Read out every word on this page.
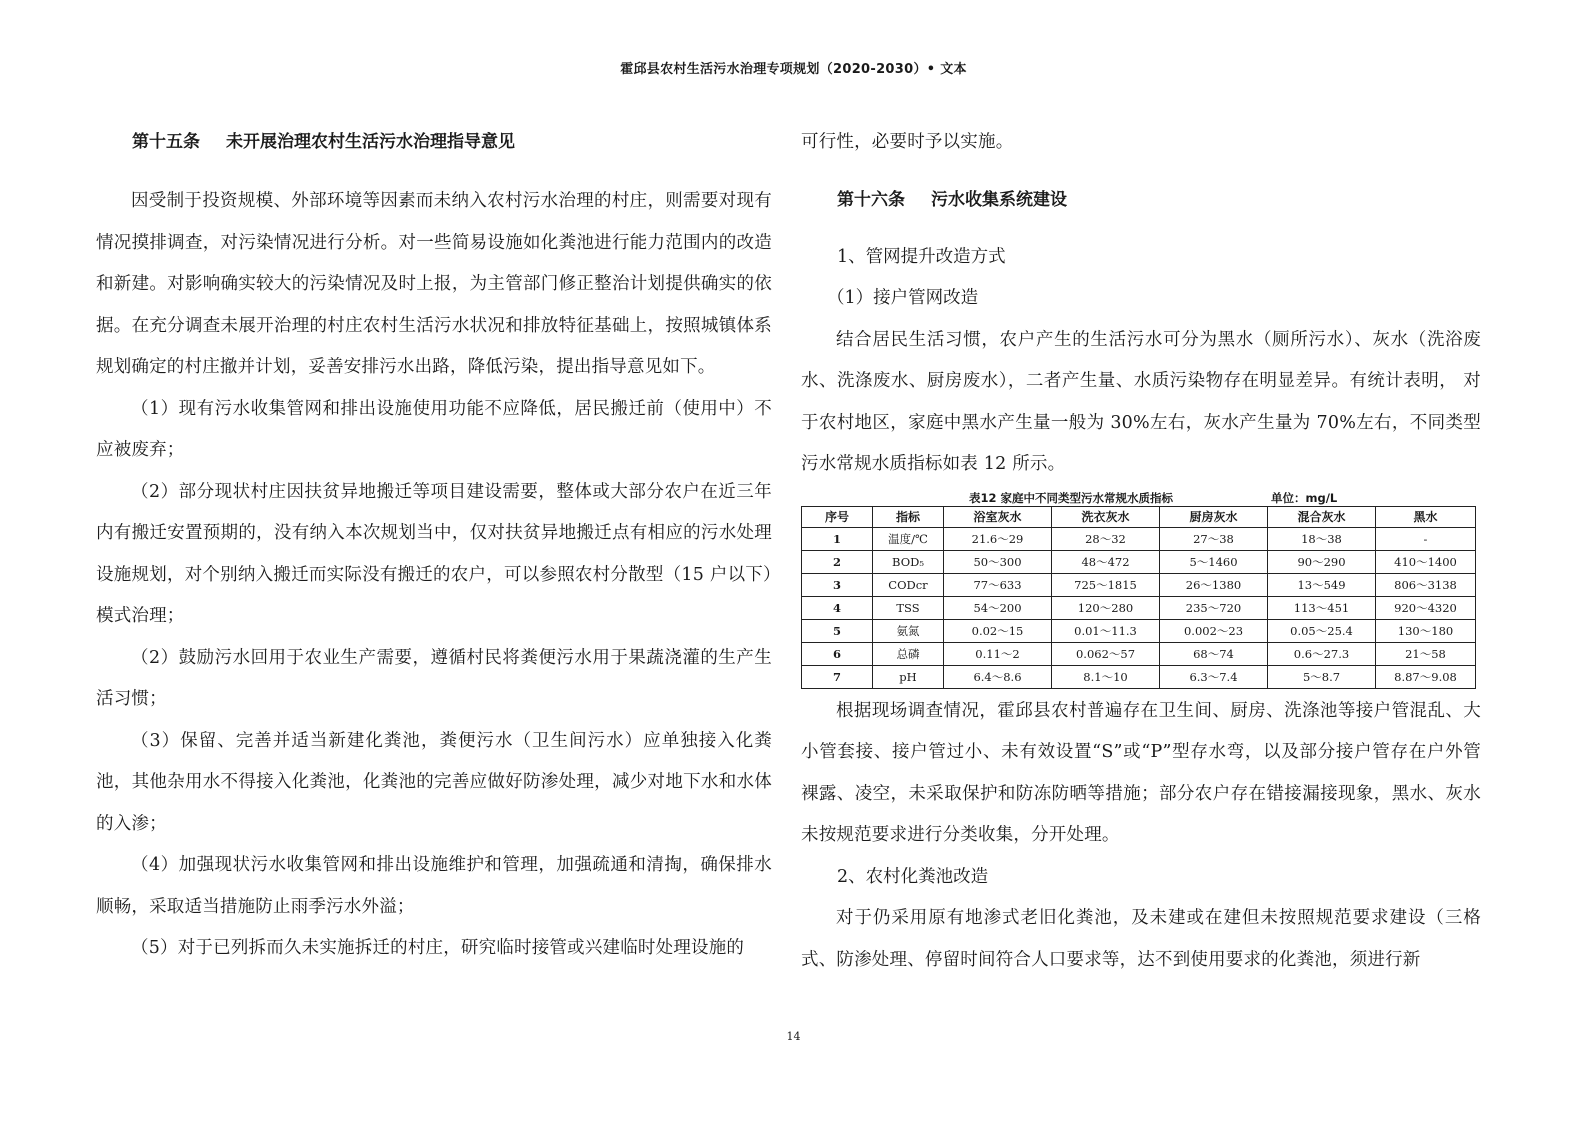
霍邱县农村生活污水治理专项规划（2020-2030）• 文本

第十五条 未开展治理农村生活污水治理指导意见

因受制于投资规模、外部环境等因素而未纳入农村污水治理的村庄，则需要对现有情况摸排调查，对污染情况进行分析。对一些简易设施如化粪池进行能力范围内的改造和新建。对影响确实较大的污染情况及时上报，为主管部门修正整治计划提供确实的依据。在充分调查未展开治理的村庄农村生活污水状况和排放特征基础上，按照城镇体系规划确定的村庄撤并计划，妥善安排污水出路，降低污染，提出指导意见如下。

（1）现有污水收集管网和排出设施使用功能不应降低，居民搬迁前（使用中）不应被废弃；

（2）部分现状村庄因扶贫异地搬迁等项目建设需要，整体或大部分农户在近三年内有搬迁安置预期的，没有纳入本次规划当中，仅对扶贫异地搬迁点有相应的污水处理设施规划，对个别纳入搬迁而实际没有搬迁的农户，可以参照农村分散型（15 户以下）模式治理；

（2）鼓励污水回用于农业生产需要，遵循村民将粪便污水用于果蔬浇灌的生产生活习惯；

（3）保留、完善并适当新建化粪池，粪便污水（卫生间污水）应单独接入化粪池，其他杂用水不得接入化粪池，化粪池的完善应做好防渗处理，减少对地下水和水体的入渗；

（4）加强现状污水收集管网和排出设施维护和管理，加强疏通和清掏，确保排水顺畅，采取适当措施防止雨季污水外溢；

（5）对于已列拆而久未实施拆迁的村庄，研究临时接管或兴建临时处理设施的

可行性，必要时予以实施。

第十六条 污水收集系统建设

1、管网提升改造方式

（1）接户管网改造

结合居民生活习惯，农户产生的生活污水可分为黑水（厕所污水）、灰水（洗浴废水、洗涤废水、厨房废水），二者产生量、水质污染物存在明显差异。有统计表明， 对于农村地区，家庭中黑水产生量一般为 30%左右，灰水产生量为 70%左右，不同类型污水常规水质指标如表 12 所示。

表12 家庭中不同类型污水常规水质指标	单位：mg/L
序号	指标	浴室灰水	洗衣灰水	厨房灰水	混合灰水	黑水
1	温度/℃	21.6～29	28～32	27～38	18～38	-
2	BOD₅	50～300	48～472	5～1460	90～290	410～1400
3	CODcr	77～633	725～1815	26～1380	13～549	806～3138
4	TSS	54～200	120～280	235～720	113～451	920～4320
5	氨氮	0.02～15	0.01～11.3	0.002～23	0.05～25.4	130～180
6	总磷	0.11～2	0.062～57	68～74	0.6～27.3	21～58
7	pH	6.4～8.6	8.1～10	6.3～7.4	5～8.7	8.87～9.08

根据现场调查情况，霍邱县农村普遍存在卫生间、厨房、洗涤池等接户管混乱、大小管套接、接户管过小、未有效设置“S”或“P”型存水弯，以及部分接户管存在户外管裸露、凌空，未采取保护和防冻防晒等措施；部分农户存在错接漏接现象，黑水、灰水未按规范要求进行分类收集，分开处理。

2、农村化粪池改造

对于仍采用原有地渗式老旧化粪池，及未建或在建但未按照规范要求建设（三格式、防渗处理、停留时间符合人口要求等，达不到使用要求的化粪池，须进行新

14
